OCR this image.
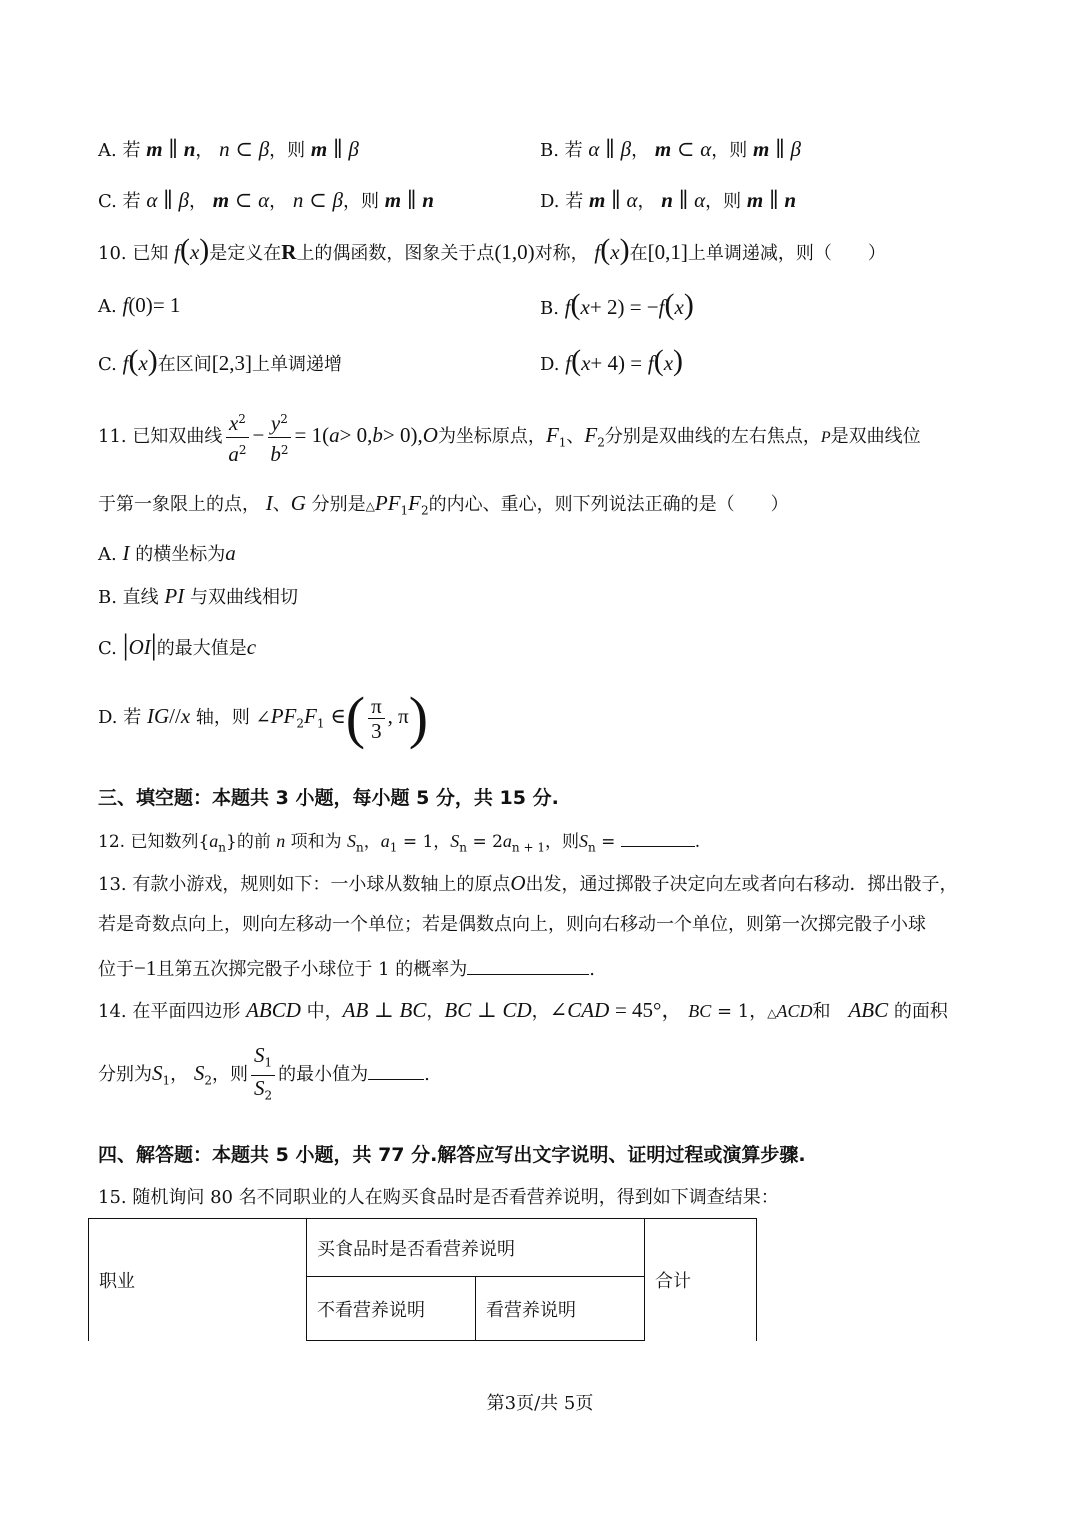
A. 若 m ∥ n， n ⊂ β，则 m ∥ β	B. 若 α ∥ β， m ⊂ α，则 m ∥ β
C. 若 α ∥ β， m ⊂ α， n ⊂ β，则 m ∥ n	D. 若 m ∥ α， n ∥ α，则 m ∥ n
10. 已知 f(x)是定义在R上的偶函数，图象关于点(1,0)对称， f(x)在[0,1]上单调递减，则（　　）
A. f(0)= 1	B. f(x+ 2) = −f(x)
C. f(x)在区间[2,3]上单调递增	D. f(x+ 4) = f(x)
11. 已知双曲线 $\frac{x^2}{a^2} - \frac{y^2}{b^2} = 1(a> 0,b> 0),O$为坐标原点，$F_1$、$F_2$分别是双曲线的左右焦点，P是双曲线位
于第一象限上的点， I、G 分别是$\triangle PF_1F_2$的内心、重心，则下列说法正确的是（　　）
A. I 的横坐标为a
B. 直线 PI 与双曲线相切
C. |OI|的最大值是c
D. 若 IG//x 轴，则 $\angle PF_2F_1$ ∈( $\frac{\pi}{3}$ , π)
三、填空题：本题共 3 小题，每小题 5 分，共 15 分.
12. 已知数列$\{a_n\}$的前 n 项和为 $S_n$，$a_1 = 1$，$S_n = 2a_{n + 1}$，则$S_n$ =	.
13. 有款小游戏，规则如下：一小球从数轴上的原点O出发，通过掷骰子决定向左或者向右移动．掷出骰子，
若是奇数点向上，则向左移动一个单位；若是偶数点向上，则向右移动一个单位，则第一次掷完骰子小球
位于−1且第五次掷完骰子小球位于 1 的概率为	.
14. 在平面四边形 ABCD 中，AB ⊥ BC，BC ⊥ CD，∠CAD = 45°， BC = 1，△ACD和　 ABC 的面积
分别为$S_1$， $S_2$，则 $\frac{S_1}{S_2}$ 的最小值为	.
四、解答题：本题共 5 小题，共 77 分.解答应写出文字说明、证明过程或演算步骤.
15. 随机询问 80 名不同职业的人在购买食品时是否看营养说明，得到如下调查结果：
职业	买食品时是否看营养说明		合计
	不看营养说明	看营养说明	
第3页/共 5页
